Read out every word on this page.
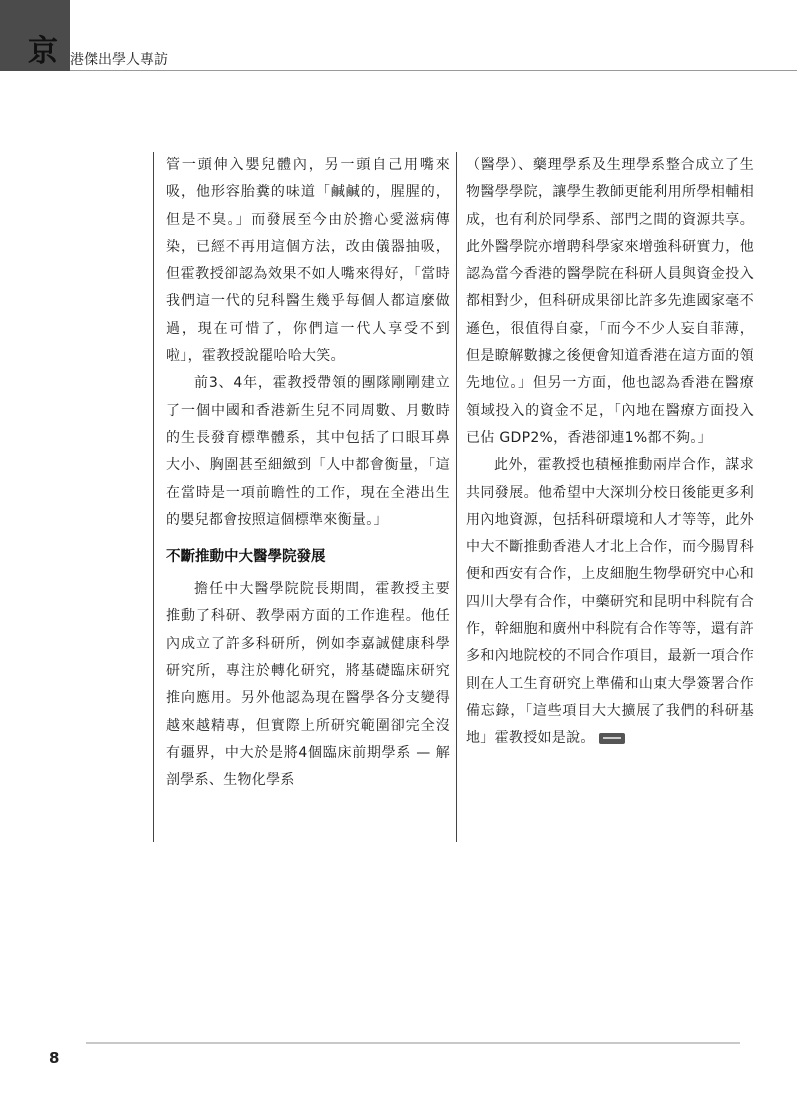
京 港傑出學人專訪

管一頭伸入嬰兒體內，另一頭自己用嘴來吸，他形容胎糞的味道「鹹鹹的，腥腥的，但是不臭。」而發展至今由於擔心愛滋病傳染，已經不再用這個方法，改由儀器抽吸，但霍教授卻認為效果不如人嘴來得好，「當時我們這一代的兒科醫生幾乎每個人都這麼做過，現在可惜了，你們這一代人享受不到啦」，霍教授說罷哈哈大笑。

前3、4年，霍教授帶領的團隊剛剛建立了一個中國和香港新生兒不同周數、月數時的生長發育標準體系，其中包括了口眼耳鼻大小、胸圍甚至細緻到「人中都會衡量，「這在當時是一項前瞻性的工作，現在全港出生的嬰兒都會按照這個標準來衡量。」

不斷推動中大醫學院發展

擔任中大醫學院院長期間，霍教授主要推動了科研、教學兩方面的工作進程。他任內成立了許多科研所，例如李嘉誠健康科學研究所，專注於轉化研究，將基礎臨床研究推向應用。另外他認為現在醫學各分支變得越來越精專，但實際上所研究範圍卻完全沒有疆界，中大於是將4個臨床前期學系 — 解剖學系、生物化學系

（醫學）、藥理學系及生理學系整合成立了生物醫學學院，讓學生教師更能利用所學相輔相成，也有利於同學系、部門之間的資源共享。此外醫學院亦增聘科學家來增強科研實力，他認為當今香港的醫學院在科研人員與資金投入都相對少，但科研成果卻比許多先進國家毫不遜色，很值得自豪，「而今不少人妄自菲薄，但是瞭解數據之後便會知道香港在這方面的領先地位。」但另一方面，他也認為香港在醫療領域投入的資金不足，「內地在醫療方面投入已佔 GDP2%，香港卻連1%都不夠。」

此外，霍教授也積極推動兩岸合作，謀求共同發展。他希望中大深圳分校日後能更多利用內地資源，包括科研環境和人才等等，此外中大不斷推動香港人才北上合作，而今腸胃科便和西安有合作，上皮細胞生物學研究中心和四川大學有合作，中藥研究和昆明中科院有合作，幹細胞和廣州中科院有合作等等，還有許多和內地院校的不同合作項目，最新一項合作則在人工生育研究上準備和山東大學簽署合作備忘錄，「這些項目大大擴展了我們的科研基地」霍教授如是說。

8
